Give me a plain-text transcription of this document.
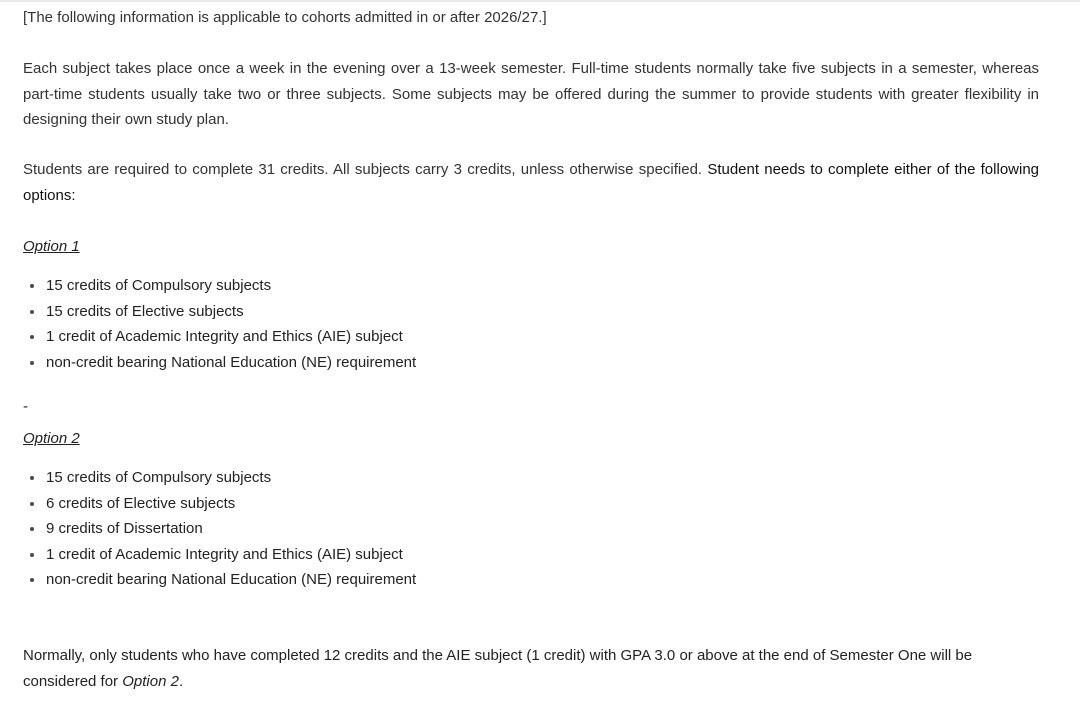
[The following information is applicable to cohorts admitted in or after 2026/27.]

Each subject takes place once a week in the evening over a 13-week semester. Full-time students normally take five subjects in a semester, whereas part-time students usually take two or three subjects. Some subjects may be offered during the summer to provide students with greater flexibility in designing their own study plan.

Students are required to complete 31 credits. All subjects carry 3 credits, unless otherwise specified. Student needs to complete either of the following options:

Option 1
15 credits of Compulsory subjects
15 credits of Elective subjects
1 credit of Academic Integrity and Ethics (AIE) subject
non-credit bearing National Education (NE) requirement
-
Option 2
15 credits of Compulsory subjects
6 credits of Elective subjects
9 credits of Dissertation
1 credit of Academic Integrity and Ethics (AIE) subject
non-credit bearing National Education (NE) requirement

Normally, only students who have completed 12 credits and the AIE subject (1 credit) with GPA 3.0 or above at the end of Semester One will be considered for Option 2.
